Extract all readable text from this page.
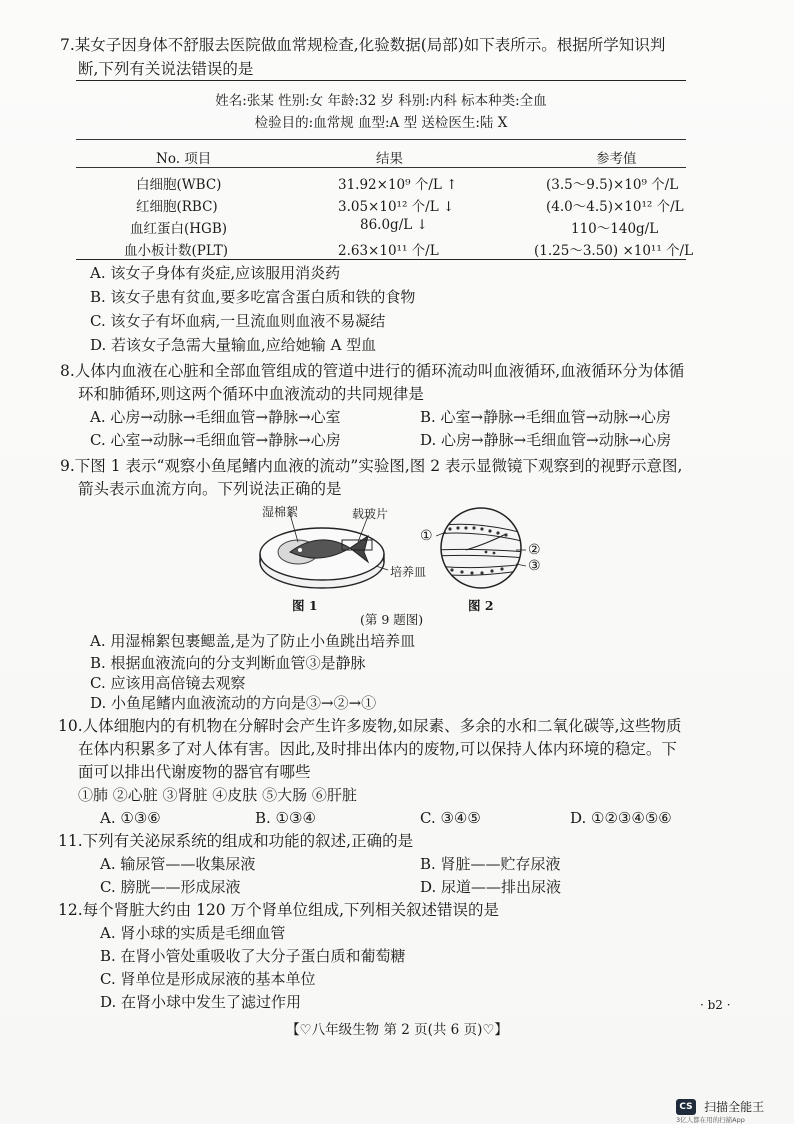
7.某女子因身体不舒服去医院做血常规检查,化验数据(局部)如下表所示。根据所学知识判
断,下列有关说法错误的是
姓名:张某 性别:女 年龄:32 岁 科别:内科 标本种类:全血
检验目的:血常规 血型:A 型 送检医生:陆 X
No. 项目	结果	参考值
白细胞(WBC)	31.92×10⁹ 个/L ↑	(3.5～9.5)×10⁹ 个/L
红细胞(RBC)	3.05×10¹² 个/L ↓	(4.0～4.5)×10¹² 个/L
血红蛋白(HGB)	86.0g/L ↓	110～140g/L
血小板计数(PLT)	2.63×10¹¹ 个/L	(1.25～3.50) ×10¹¹ 个/L
A. 该女子身体有炎症,应该服用消炎药
B. 该女子患有贫血,要多吃富含蛋白质和铁的食物
C. 该女子有坏血病,一旦流血则血液不易凝结
D. 若该女子急需大量输血,应给她输 A 型血
8.人体内血液在心脏和全部血管组成的管道中进行的循环流动叫血液循环,血液循环分为体循
环和肺循环,则这两个循环中血液流动的共同规律是
A. 心房→动脉→毛细血管→静脉→心室	B. 心室→静脉→毛细血管→动脉→心房
C. 心室→动脉→毛细血管→静脉→心房	D. 心房→静脉→毛细血管→动脉→心房
9.下图 1 表示“观察小鱼尾鳍内血液的流动”实验图,图 2 表示显微镜下观察到的视野示意图,
箭头表示血流方向。下列说法正确的是
湿棉絮	载玻片
培养皿
图 1
①
②
③
图 2
(第 9 题图)
A. 用湿棉絮包裹鳃盖,是为了防止小鱼跳出培养皿
B. 根据血液流向的分支判断血管③是静脉
C. 应该用高倍镜去观察
D. 小鱼尾鳍内血液流动的方向是③→②→①
10.人体细胞内的有机物在分解时会产生许多废物,如尿素、多余的水和二氧化碳等,这些物质
在体内积累多了对人体有害。因此,及时排出体内的废物,可以保持人体内环境的稳定。下
面可以排出代谢废物的器官有哪些
①肺 ②心脏 ③肾脏 ④皮肤 ⑤大肠 ⑥肝脏
A. ①③⑥	B. ①③④	C. ③④⑤	D. ①②③④⑤⑥
11.下列有关泌尿系统的组成和功能的叙述,正确的是
A. 输尿管——收集尿液	B. 肾脏——贮存尿液
C. 膀胱——形成尿液	D. 尿道——排出尿液
12.每个肾脏大约由 120 万个肾单位组成,下列相关叙述错误的是
A. 肾小球的实质是毛细血管
B. 在肾小管处重吸收了大分子蛋白质和葡萄糖
C. 肾单位是形成尿液的基本单位
D. 在肾小球中发生了滤过作用
【♡八年级生物 第 2 页(共 6 页)♡】
· b2 ·
CS 扫描全能王
3亿人都在用的扫描App
